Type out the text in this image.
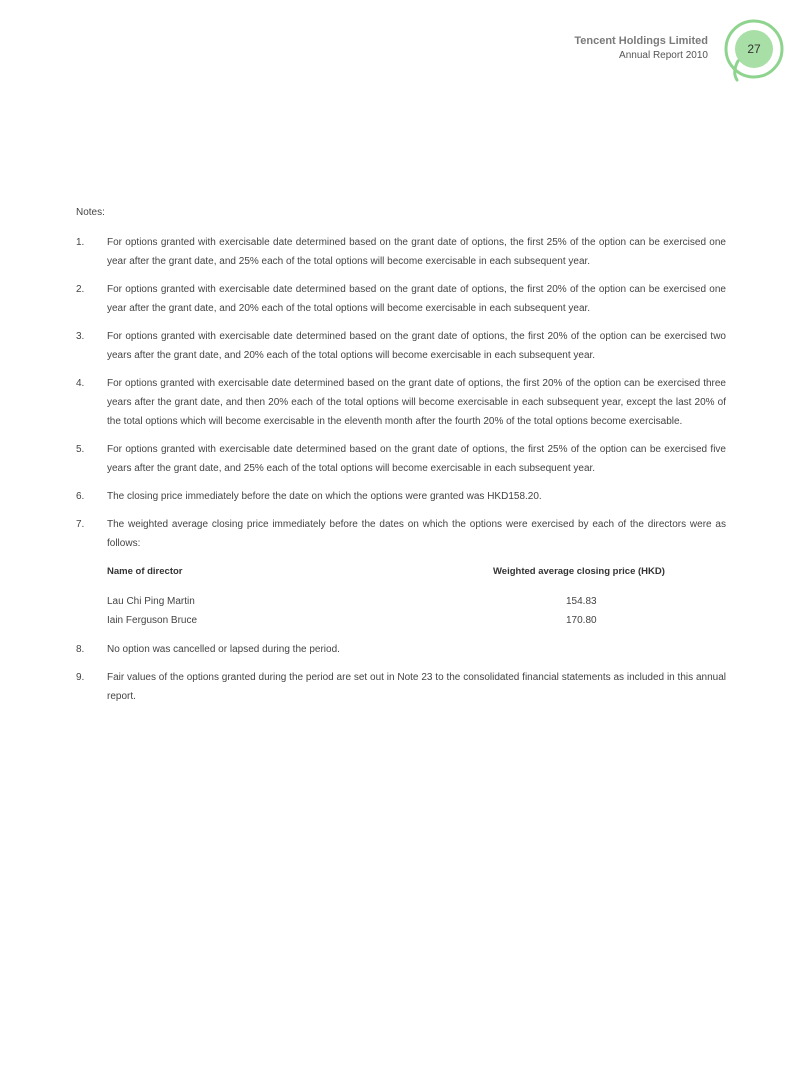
Tencent Holdings Limited
Annual Report 2010	27
Notes:
1.	For options granted with exercisable date determined based on the grant date of options, the first 25% of the option can be exercised one year after the grant date, and 25% each of the total options will become exercisable in each subsequent year.
2.	For options granted with exercisable date determined based on the grant date of options, the first 20% of the option can be exercised one year after the grant date, and 20% each of the total options will become exercisable in each subsequent year.
3.	For options granted with exercisable date determined based on the grant date of options, the first 20% of the option can be exercised two years after the grant date, and 20% each of the total options will become exercisable in each subsequent year.
4.	For options granted with exercisable date determined based on the grant date of options, the first 20% of the option can be exercised three years after the grant date, and then 20% each of the total options will become exercisable in each subsequent year, except the last 20% of the total options which will become exercisable in the eleventh month after the fourth 20% of the total options become exercisable.
5.	For options granted with exercisable date determined based on the grant date of options, the first 25% of the option can be exercised five years after the grant date, and 25% each of the total options will become exercisable in each subsequent year.
6.	The closing price immediately before the date on which the options were granted was HKD158.20.
7.	The weighted average closing price immediately before the dates on which the options were exercised by each of the directors were as follows:
Name of director	Weighted average closing price (HKD)
Lau Chi Ping Martin	154.83
Iain Ferguson Bruce	170.80
8.	No option was cancelled or lapsed during the period.
9.	Fair values of the options granted during the period are set out in Note 23 to the consolidated financial statements as included in this annual report.
